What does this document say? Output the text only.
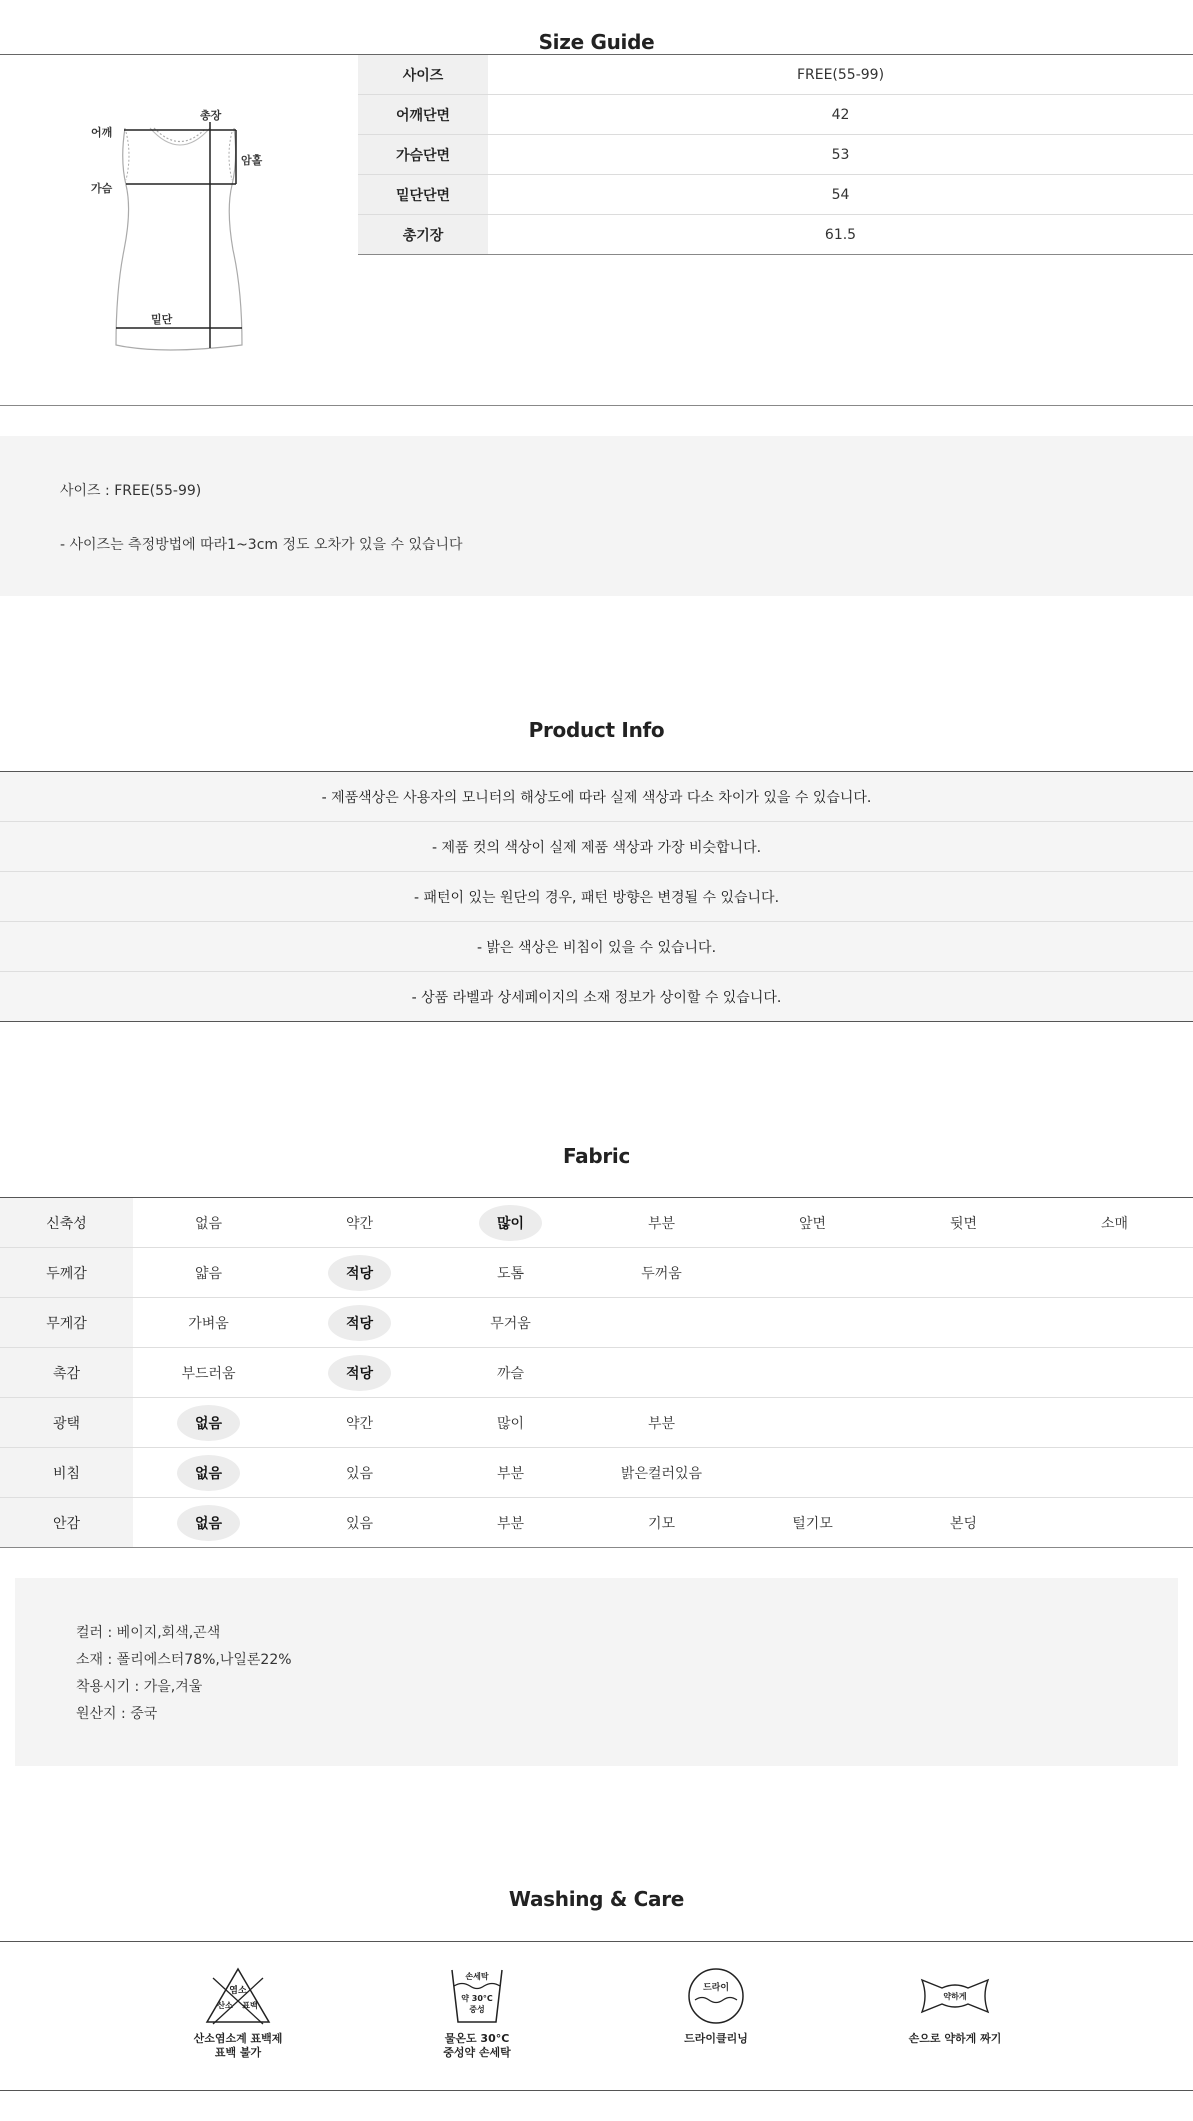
Size Guide
어깨
총장
암홀
가슴
밑단
사이즈	FREE(55-99)
어깨단면	42
가슴단면	53
밑단단면	54
총기장	61.5
사이즈 : FREE(55-99)
- 사이즈는 측정방법에 따라1~3cm 정도 오차가 있을 수 있습니다
Product Info
- 제품색상은 사용자의 모니터의 해상도에 따라 실제 색상과 다소 차이가 있을 수 있습니다.
- 제품 컷의 색상이 실제 제품 색상과 가장 비슷합니다.
- 패턴이 있는 원단의 경우, 패턴 방향은 변경될 수 있습니다.
- 밝은 색상은 비침이 있을 수 있습니다.
- 상품 라벨과 상세페이지의 소재 정보가 상이할 수 있습니다.
Fabric
신축성	없음	약간	많이	부분	앞면	뒷면	소매
두께감	얇음	적당	도톰	두꺼움
무게감	가벼움	적당	무거움
촉감	부드러움	적당	까슬
광택	없음	약간	많이	부분
비침	없음	있음	부분	밝은컬러있음
안감	없음	있음	부분	기모	털기모	본딩
컬러 : 베이지,회색,곤색
소재 : 폴리에스터78%,나일론22%
착용시기 : 가을,겨울
원산지 : 중국
Washing & Care
염소
산소 표백
산소염소계 표백제
표백 불가
손세탁
약 30°C
중성
물온도 30°C
중성약 손세탁
드라이
드라이클리닝
약하게
손으로 약하게 짜기
